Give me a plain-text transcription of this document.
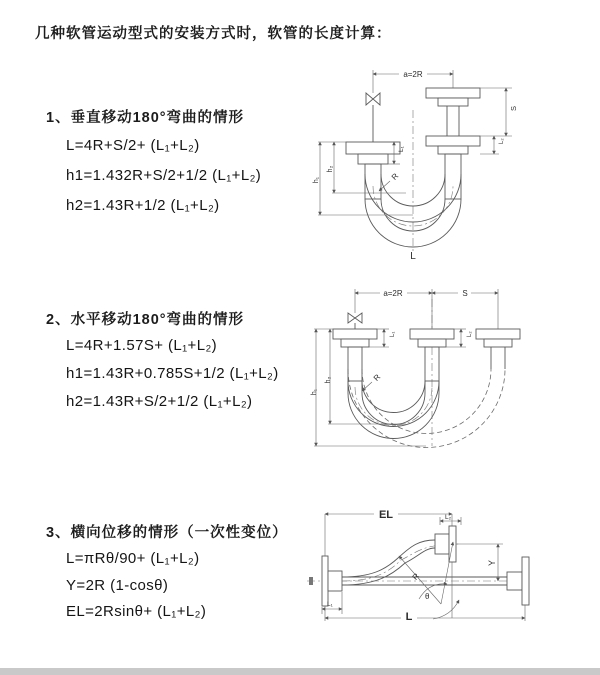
几种软管运动型式的安装方式时，软管的长度计算：
1、垂直移动180°弯曲的情形
L=4R+S/2+ (L₁+L₂)
h1=1.432R+S/2+1/2 (L₁+L₂)
h2=1.43R+1/2 (L₁+L₂)
2、水平移动180°弯曲的情形
L=4R+1.57S+ (L₁+L₂)
h1=1.43R+0.785S+1/2 (L₁+L₂)
h2=1.43R+S/2+1/2 (L₁+L₂)
3、横向位移的情形（一次性变位）
L=πRθ/90+ (L₁+L₂)
Y=2R (1-cosθ)
EL=2Rsinθ+ (L₁+L₂)
a=2R
h₁
h₂
L₁
S
L₂
R
L
a=2R	S
h₁
h₂
L₁	L₂
R
θ
R
EL	L₂
Y
L₁
L
